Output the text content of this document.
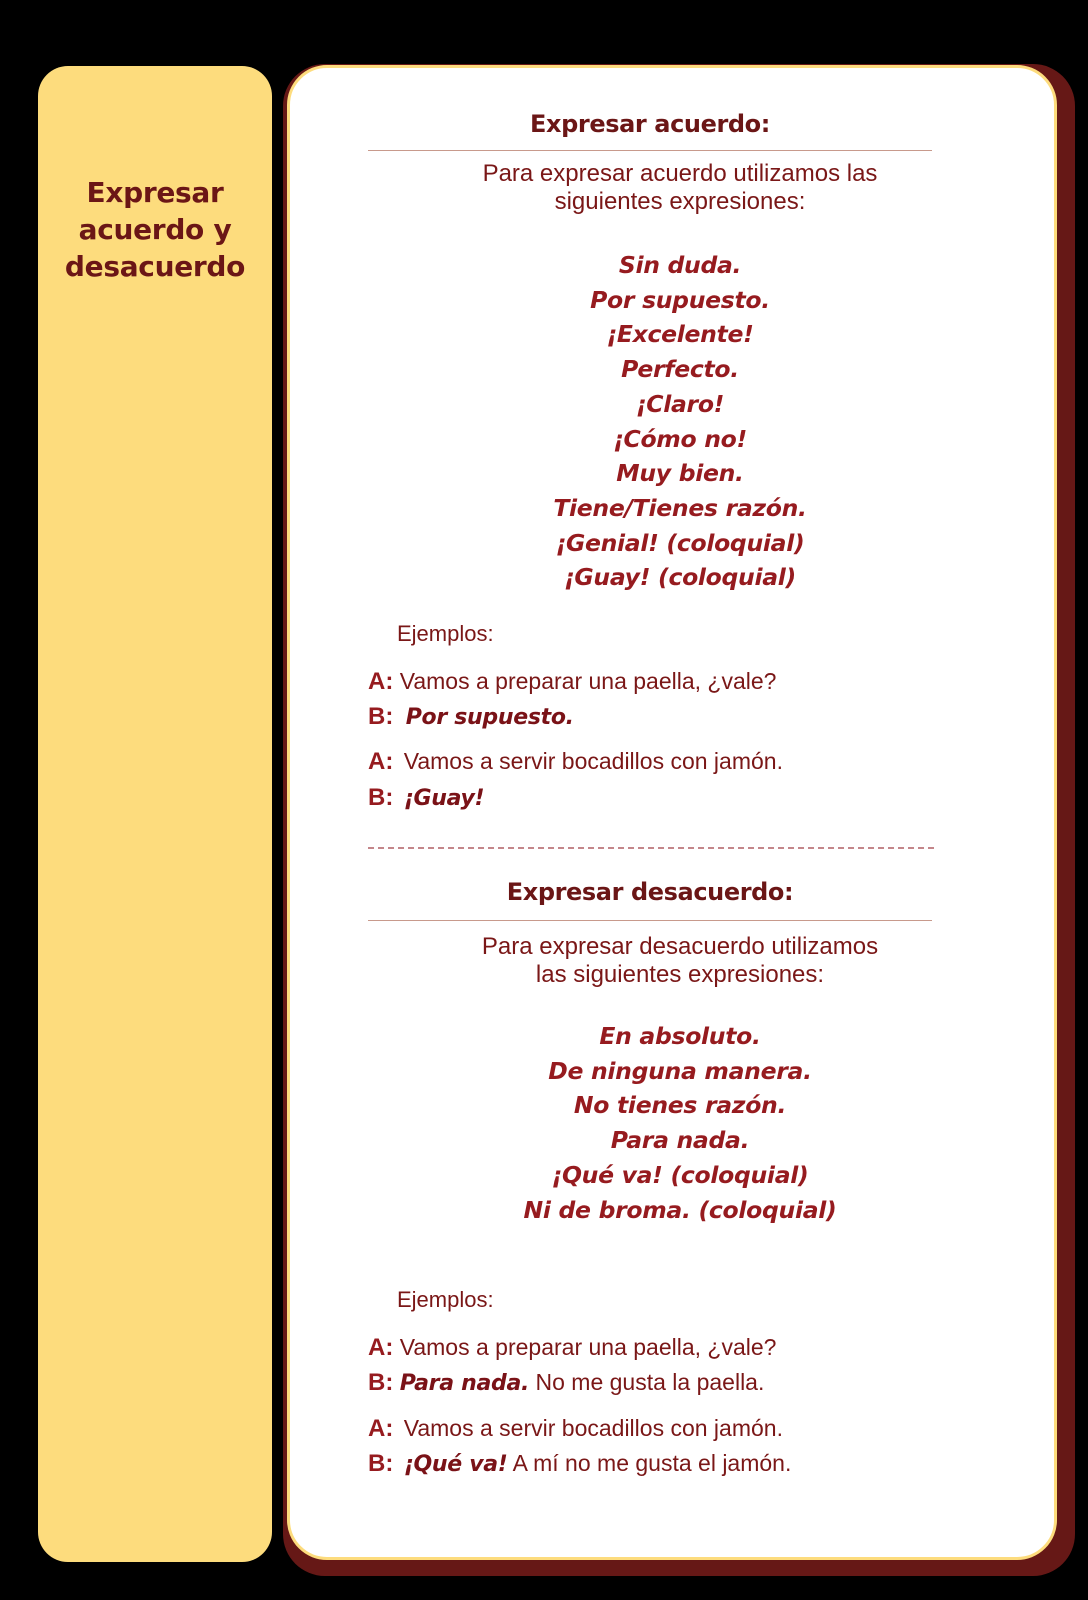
Expresar
acuerdo y
desacuerdo
Expresar acuerdo:
Para expresar acuerdo utilizamos las
siguientes expresiones:
Sin duda.
Por supuesto.
¡Excelente!
Perfecto.
¡Claro!
¡Cómo no!
Muy bien.
Tiene/Tienes razón.
¡Genial! (coloquial)
¡Guay! (coloquial)
Ejemplos:
A: Vamos a preparar una paella, ¿vale?
B: Por supuesto.
A: Vamos a servir bocadillos con jamón.
B: ¡Guay!
Expresar desacuerdo:
Para expresar desacuerdo utilizamos
las siguientes expresiones:
En absoluto.
De ninguna manera.
No tienes razón.
Para nada.
¡Qué va! (coloquial)
Ni de broma. (coloquial)
Ejemplos:
A: Vamos a preparar una paella, ¿vale?
B: Para nada. No me gusta la paella.
A: Vamos a servir bocadillos con jamón.
B: ¡Qué va! A mí no me gusta el jamón.
